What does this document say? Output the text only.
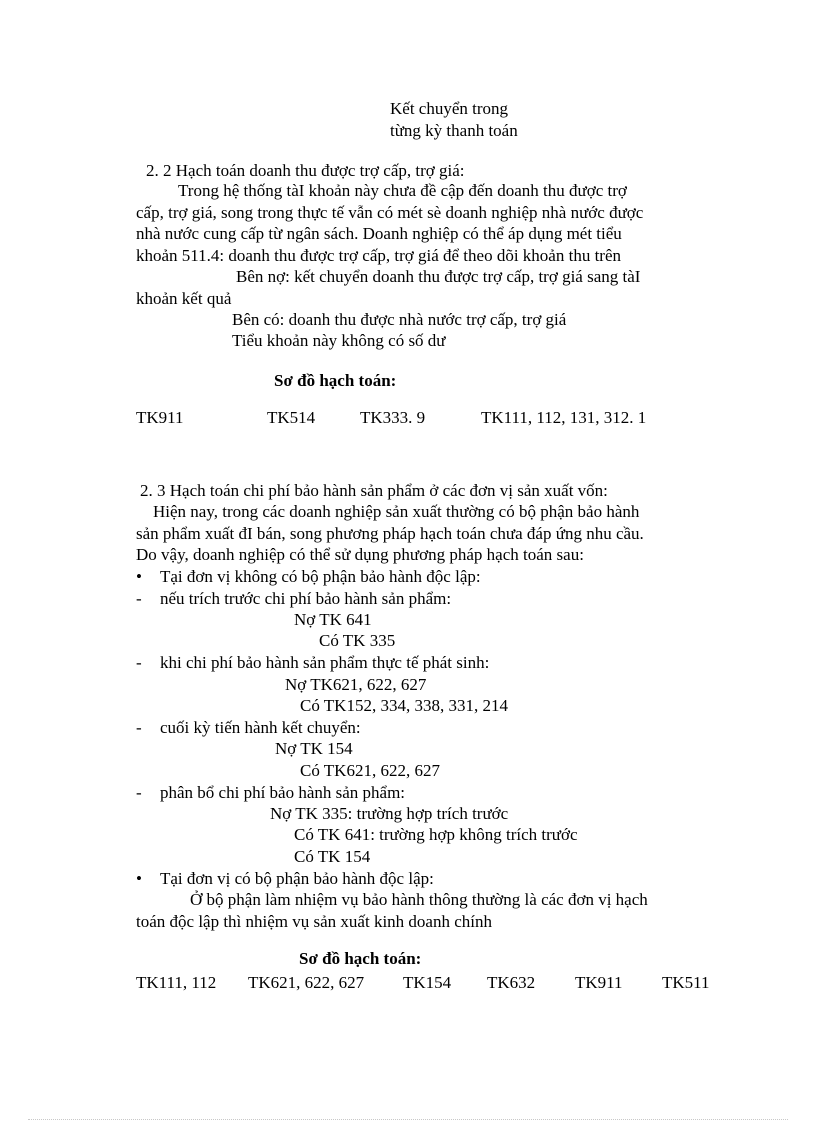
Kết chuyển trong
từng kỳ thanh toán
2. 2 Hạch toán doanh thu được trợ cấp, trợ giá:
Trong hệ thống tàI khoản này chưa đề cập đến doanh thu được trợ
cấp, trợ giá, song trong thực tế vẫn có mét sè doanh nghiệp nhà nước được
nhà nước cung cấp từ ngân sách. Doanh nghiệp có thể áp dụng mét tiểu
khoản 511.4: doanh thu được trợ cấp, trợ giá để theo dõi khoản thu trên
Bên nợ: kết chuyển doanh thu được trợ cấp, trợ giá sang tàI
khoản kết quả
Bên có: doanh thu được nhà nước trợ cấp, trợ giá
Tiểu khoản này không có số dư
Sơ đồ hạch toán:
TK911	TK514	TK333. 9	TK111, 112, 131, 312. 1
2. 3 Hạch toán chi phí bảo hành sản phẩm ở các đơn vị sản xuất vốn:
Hiện nay, trong các doanh nghiệp sản xuất thường có bộ phận bảo hành
sản phẩm xuất đI bán, song phương pháp hạch toán chưa đáp ứng nhu cầu.
Do vậy, doanh nghiệp có thể sử dụng phương pháp hạch toán sau:
• Tại đơn vị không có bộ phận bảo hành độc lập:
- nếu trích trước chi phí bảo hành sản phẩm:
Nợ TK 641
Có TK 335
- khi chi phí bảo hành sản phẩm thực tế phát sinh:
Nợ TK621, 622, 627
Có TK152, 334, 338, 331, 214
- cuối kỳ tiến hành kết chuyển:
Nợ TK 154
Có TK621, 622, 627
- phân bổ chi phí bảo hành sản phẩm:
Nợ TK 335: trường hợp trích trước
Có TK 641: trường hợp không trích trước
Có TK 154
• Tại đơn vị có bộ phận bảo hành độc lập:
Ở bộ phận làm nhiệm vụ bảo hành thông thường là các đơn vị hạch
toán độc lập thì nhiệm vụ sản xuất kinh doanh chính
Sơ đồ hạch toán:
TK111, 112 TK621, 622, 627 TK154 TK632 TK911 TK511
